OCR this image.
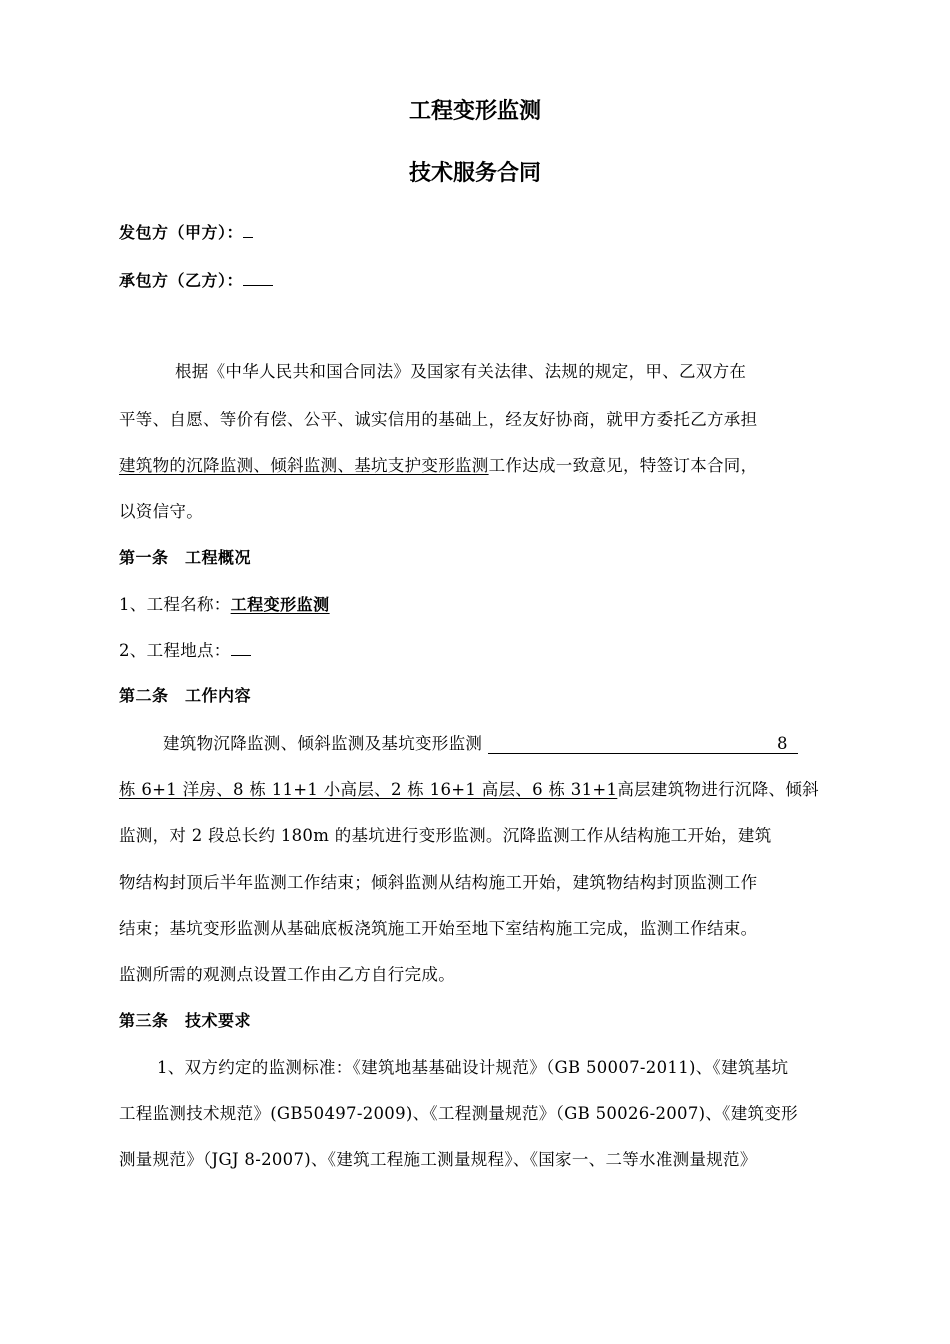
工程变形监测
技术服务合同
发包方（甲方）：
承包方（乙方）：
根据《中华人民共和国合同法》及国家有关法律、法规的规定，甲、乙双方在
平等、自愿、等价有偿、公平、诚实信用的基础上，经友好协商，就甲方委托乙方承担
建筑物的沉降监测、倾斜监测、基坑支护变形监测工作达成一致意见，特签订本合同，
以资信守。
第一条　工程概况
1、工程名称：工程变形监测
2、工程地点：
第二条　工作内容
建筑物沉降监测、倾斜监测及基坑变形监测	8
栋 6+1 洋房、8 栋 11+1 小高层、2 栋 16+1 高层、6 栋 31+1高层建筑物进行沉降、倾斜
监测，对 2 段总长约 180m 的基坑进行变形监测。沉降监测工作从结构施工开始，建筑
物结构封顶后半年监测工作结束；倾斜监测从结构施工开始，建筑物结构封顶监测工作
结束；基坑变形监测从基础底板浇筑施工开始至地下室结构施工完成，监测工作结束。
监测所需的观测点设置工作由乙方自行完成。
第三条　技术要求
1、双方约定的监测标准：《建筑地基基础设计规范》（GB 50007-2011)、《建筑基坑
工程监测技术规范》(GB50497-2009)、《工程测量规范》（GB 50026-2007)、《建筑变形
测量规范》（JGJ 8-2007)、《建筑工程施工测量规程》、《国家一、二等水准测量规范》
